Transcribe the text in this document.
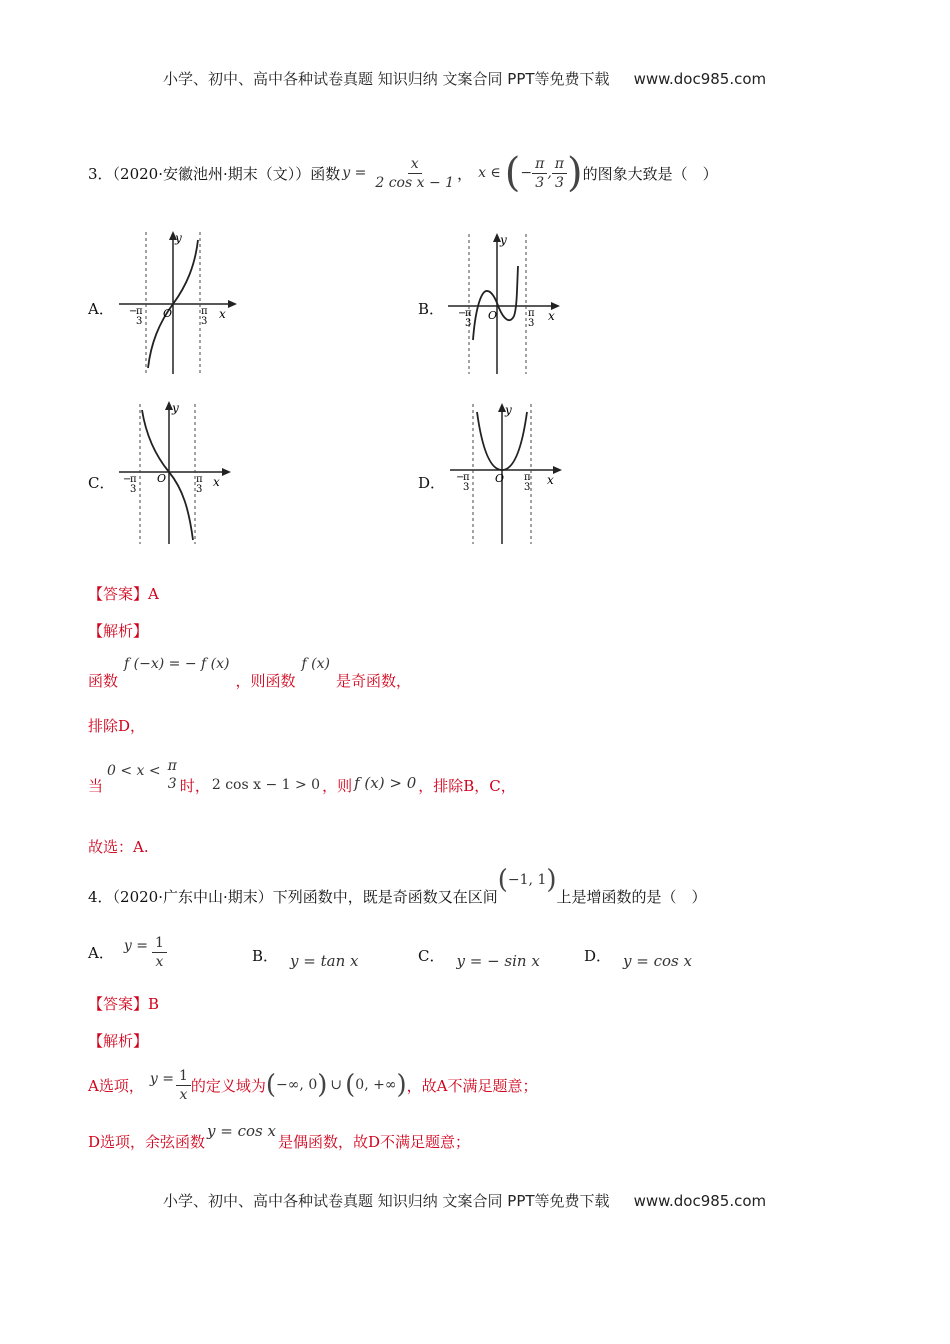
小学、初中、高中各种试卷真题 知识归纳 文案合同 PPT等免费下载 www.doc985.com
3．（2020·安徽池州·期末（文））函数 $y = \frac{x}{\text{2 cos x − 1}}$ ， x ∈ ( − $\frac{\pi}{3}$ , $\frac{\pi}{3}$ ) 的图象大致是（　）
A．	B．
C．	D．
y
x
O
−
π
3
π
3
y
x
O
−
π
3
π
3
y
x
O
−
π
3
π
3
y
x
O
−
π
3
π
3
【答案】A
【解析】
函数
f (−x) = − f (x)
，则函数
f (x)
是奇函数，
排除D，
当
0 < x < π
3 时， 2 cos x − 1 > 0 ，则 f (x) > 0 ，排除B，C，
故选：A.
4．（2020·广东中山·期末）下列函数中，既是奇函数又在区间
(−1, 1)
上是增函数的是（　）
A． $y = \frac{1}{x}$	B． y = tan x	C． y = − sin x	D． y = cos x
【答案】B
【解析】
A选项， $y = \frac{1}{x}$ 的定义域为 (−∞, 0) ∪ (0, +∞) ，故A不满足题意；
D选项，余弦函数
y = cos x
是偶函数，故D不满足题意；
小学、初中、高中各种试卷真题 知识归纳 文案合同 PPT等免费下载 www.doc985.com
